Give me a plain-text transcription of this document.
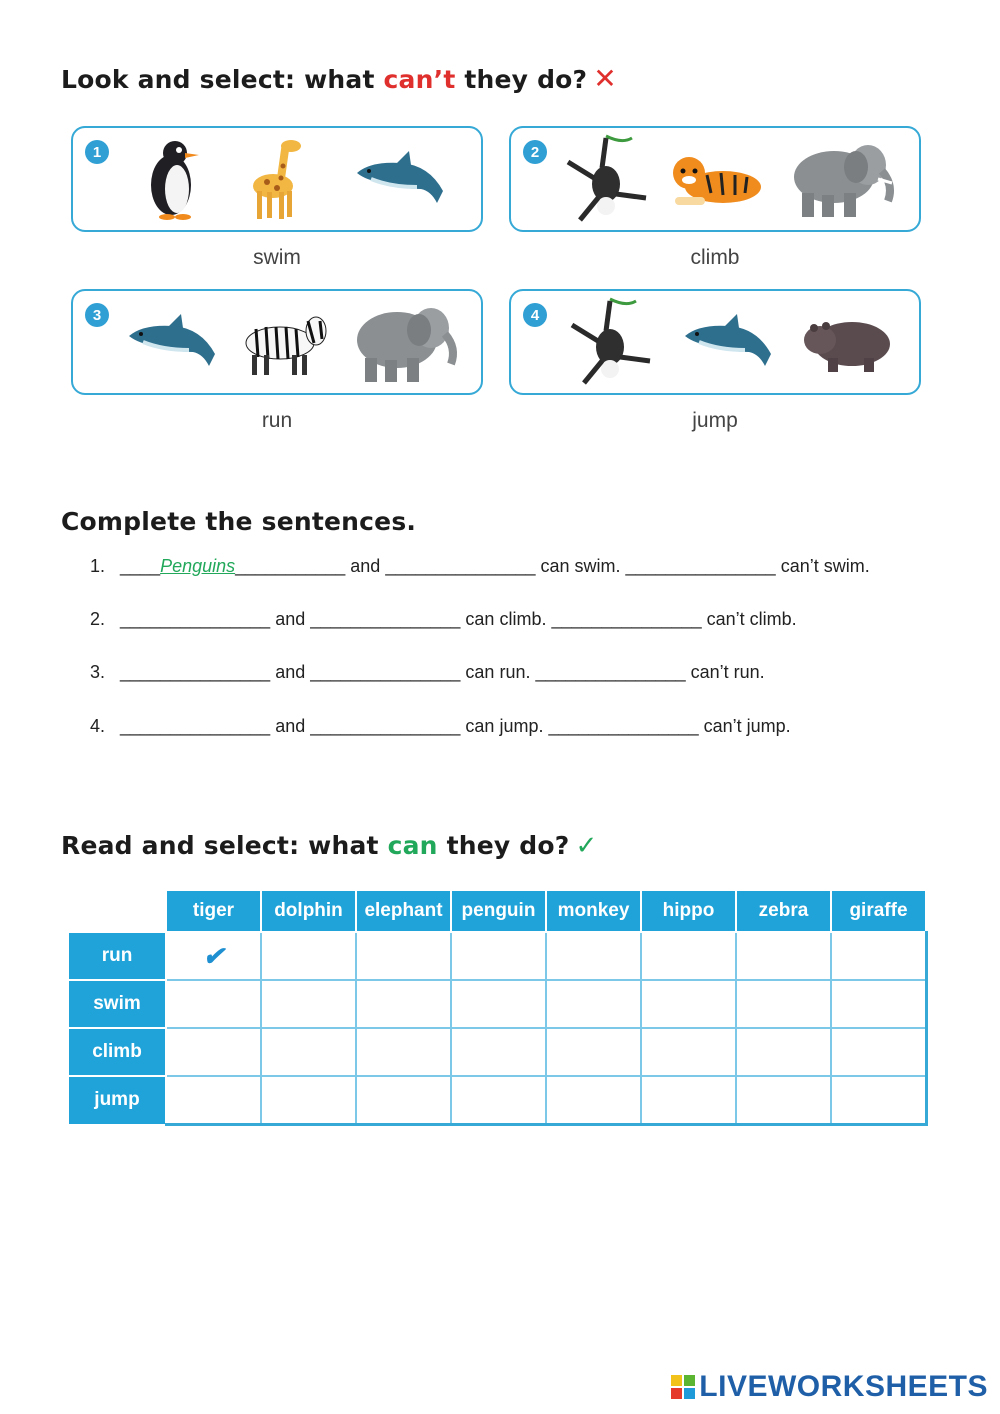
Look and select: what can’t they do? ✕
1
swim
2
climb
3
run
4
jump
Complete the sentences.
1. ____Penguins___________ and _______________ can swim. _______________ can’t swim.
2. _______________ and _______________ can climb. _______________ can’t climb.
3. _______________ and _______________ can run. _______________ can’t run.
4. _______________ and _______________ can jump. _______________ can’t jump.
Read and select: what can they do? ✓
	tiger	dolphin	elephant	penguin	monkey	hippo	zebra	giraffe
run	✔							
swim								
climb								
jump								
LIVEWORKSHEETS
